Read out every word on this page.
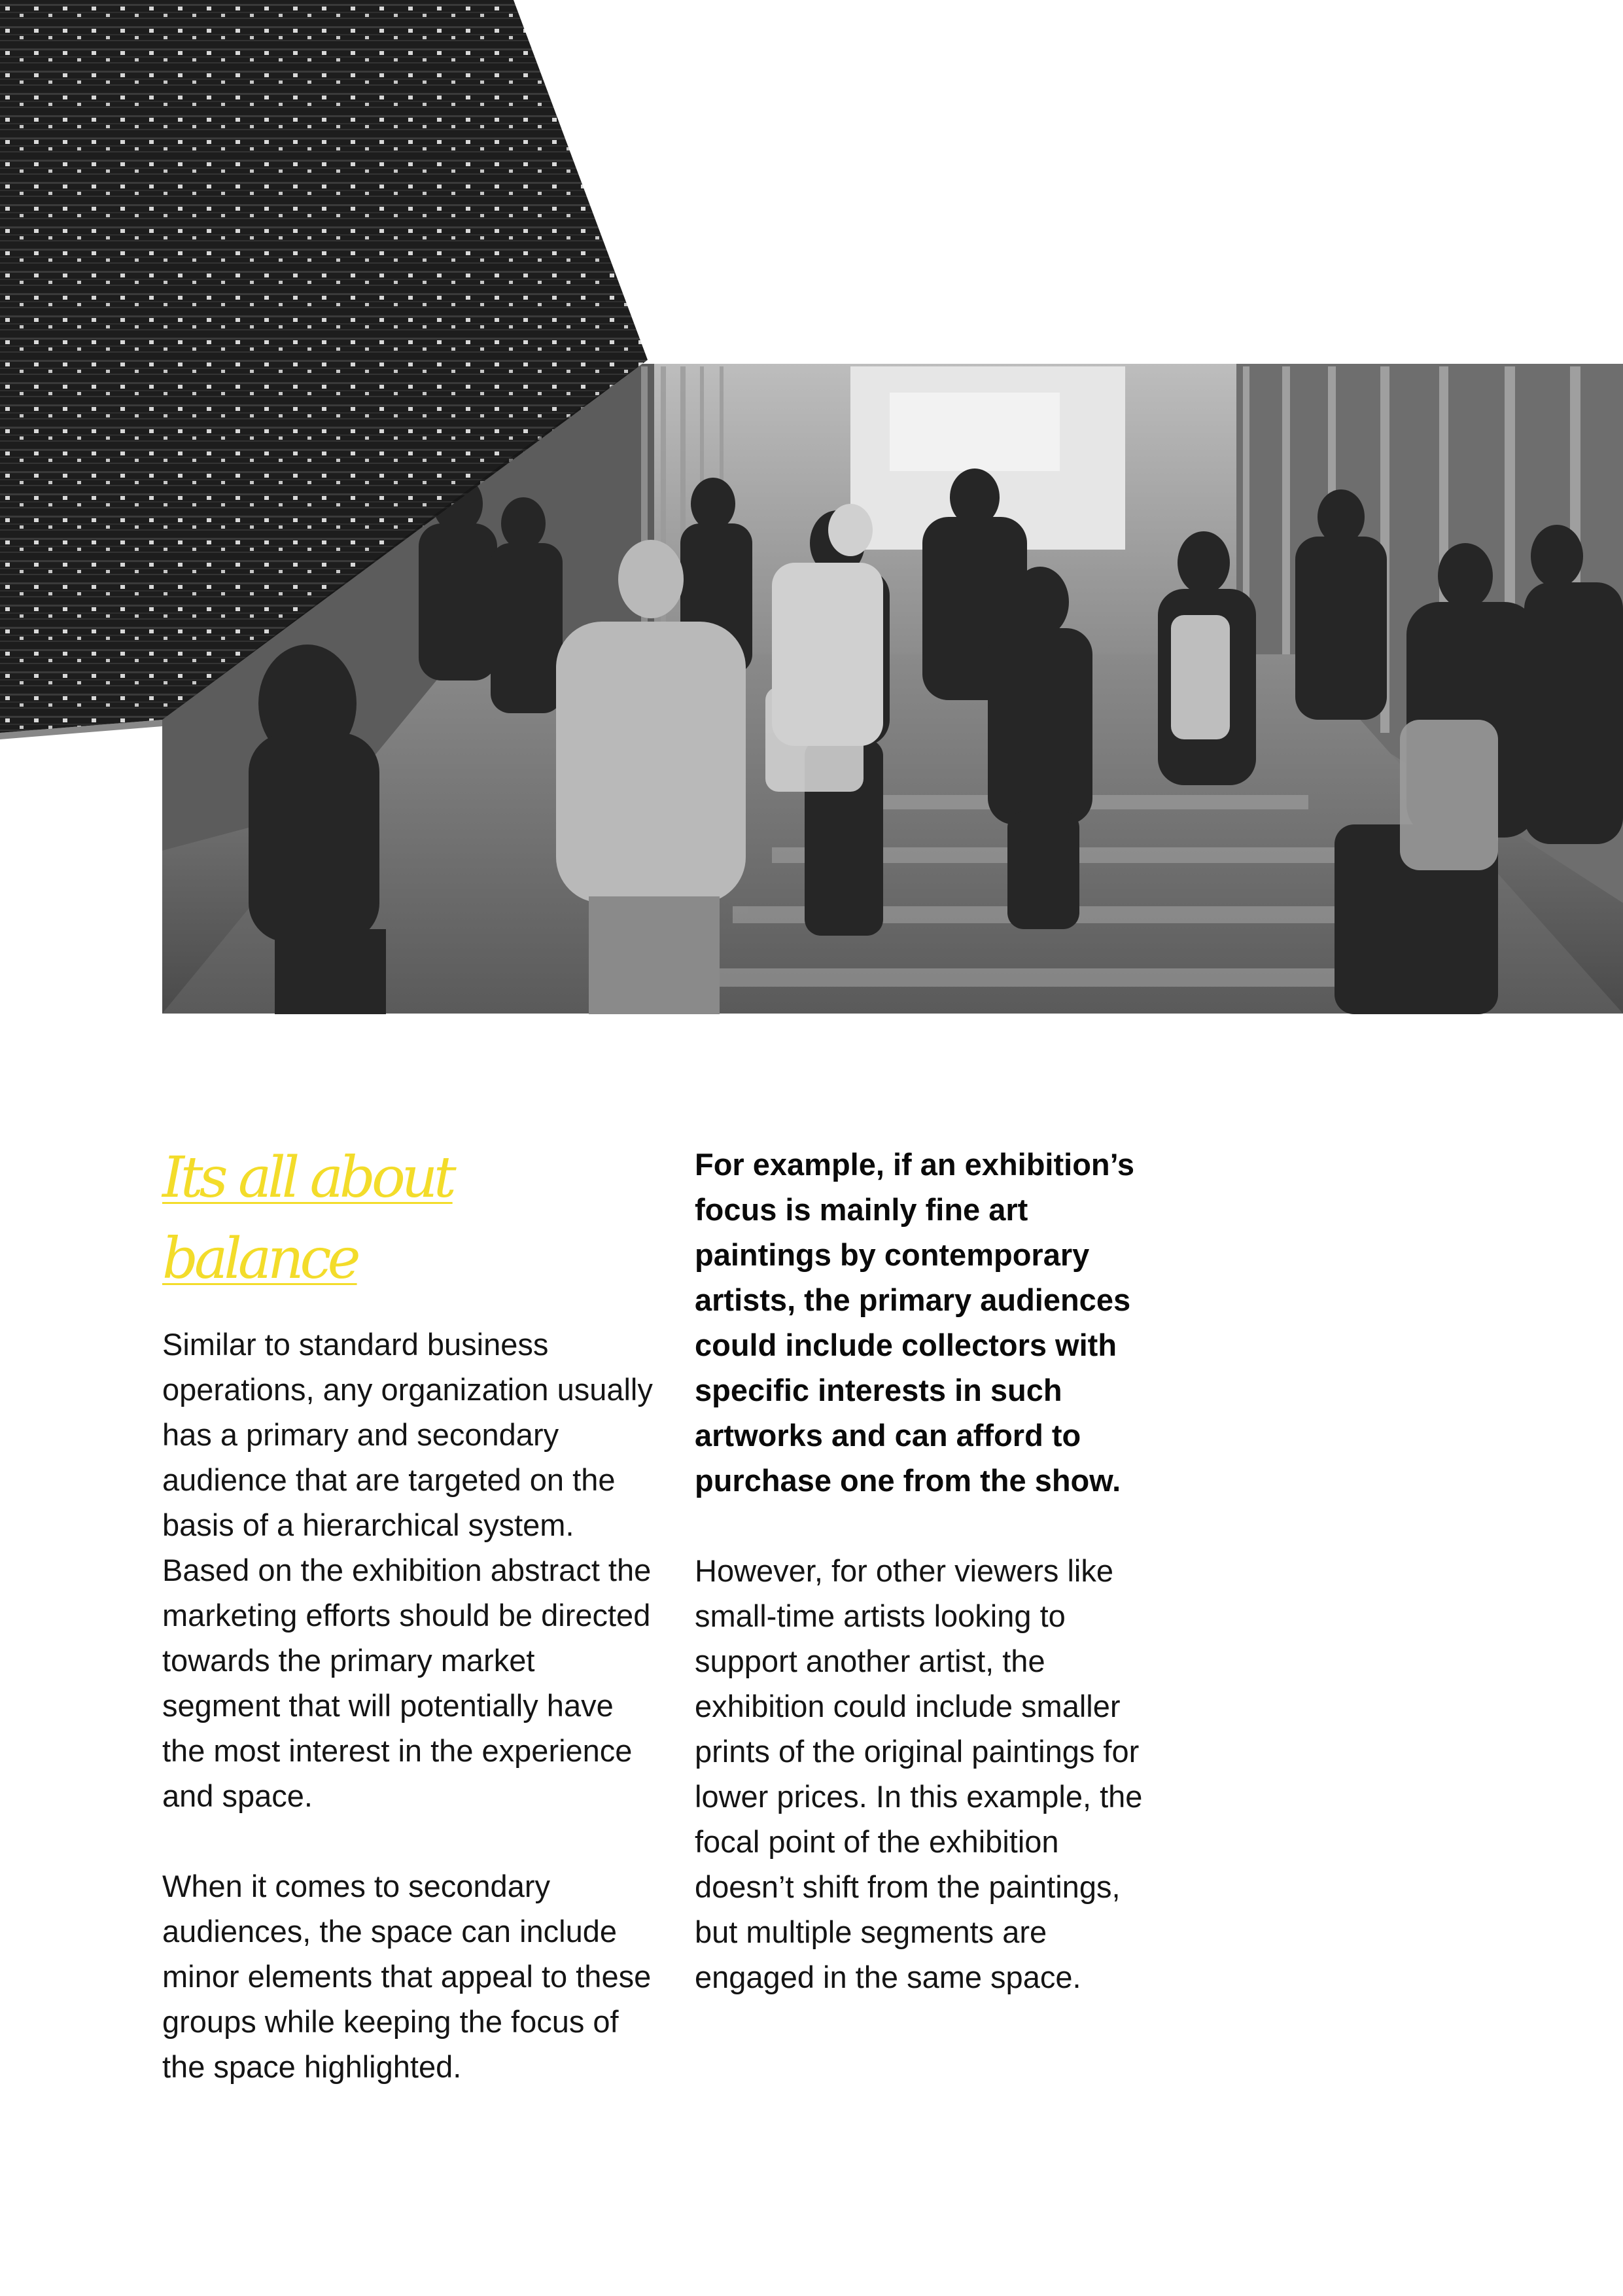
Its all about
balance

Similar to standard business operations, any organization usually has a primary and secondary audience that are targeted on the basis of a hierarchical system. Based on the exhibition abstract the marketing efforts should be directed towards the primary market segment that will potentially have the most interest in the experience and space.

When it comes to secondary audiences, the space can include minor elements that appeal to these groups while keeping the focus of the space highlighted.

For example, if an exhibition’s focus is mainly fine art paintings by contemporary artists, the primary audiences could include collectors with specific interests in such artworks and can afford to purchase one from the show.

However, for other viewers like small-time artists looking to support another artist, the exhibition could include smaller prints of the original paintings for lower prices. In this example, the focal point of the exhibition doesn’t shift from the paintings, but multiple segments are engaged in the same space.
